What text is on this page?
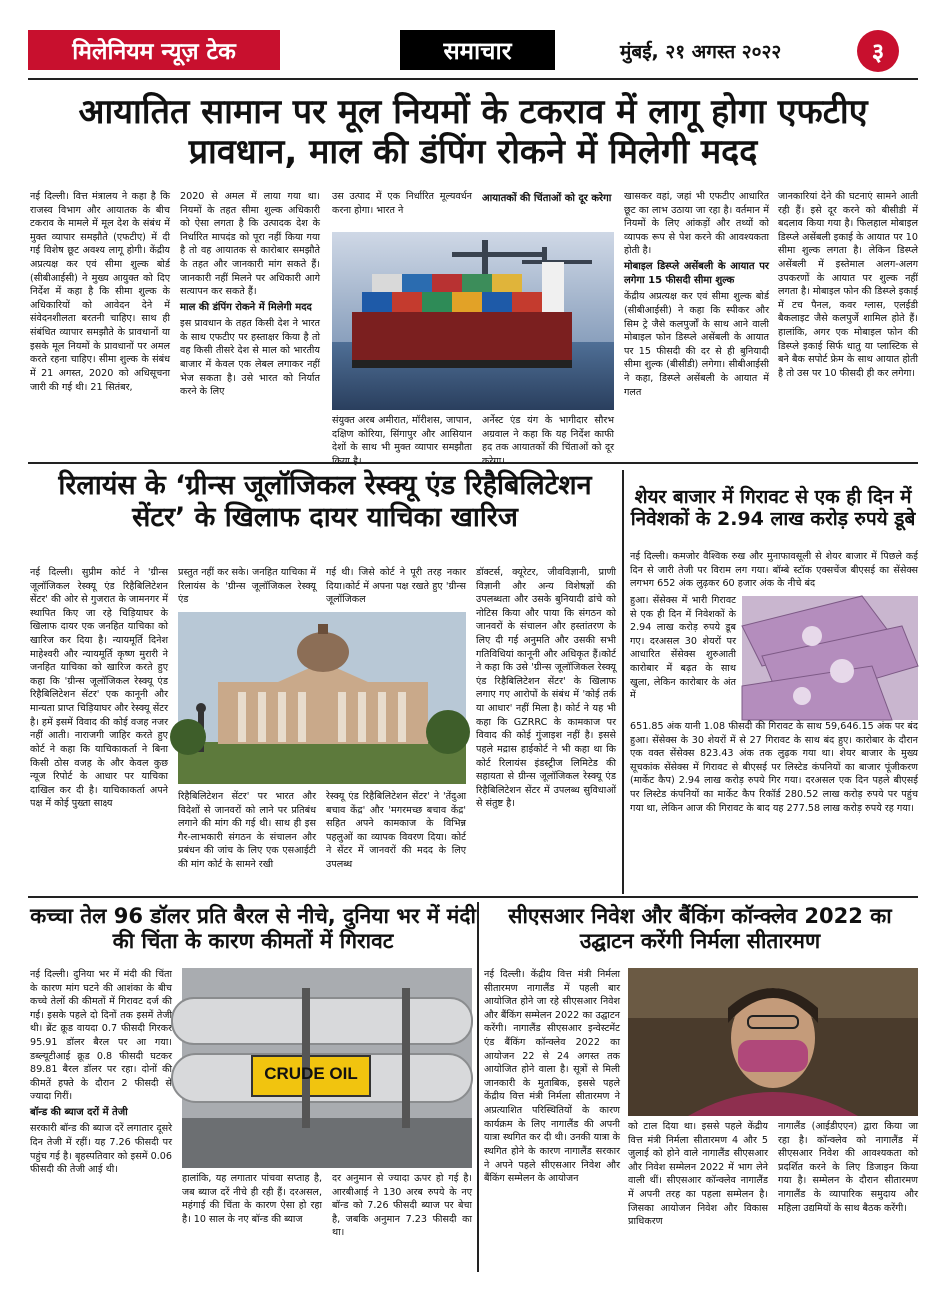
मिलेनियम न्यूज़ टेक	समाचार	मुंबई, २१ अगस्त २०२२	३
आयातित सामान पर मूल नियमों के टकराव में लागू होगा एफटीए प्रावधान, माल की डंपिंग रोकने में मिलेगी मदद
नई दिल्ली। वित्त मंत्रालय ने कहा है कि राजस्व विभाग और आयातक के बीच टकराव के मामले में मूल देश के संबंध में मुक्त व्यापार समझौते (एफटीए) में दी गई विशेष छूट अवश्य लागू होगी। केंद्रीय अप्रत्यक्ष कर एवं सीमा शुल्क बोर्ड (सीबीआईसी) ने मुख्य आयुक्त को दिए निर्देश में कहा है कि सीमा शुल्क के अधिकारियों को आवेदन देने में संवेदनशीलता बरतनी चाहिए। साथ ही संबंधित व्यापार समझौते के प्रावधानों या इसके मूल नियमों के प्रावधानों पर अमल करते रहना चाहिए। सीमा शुल्क के संबंध में 21 अगस्त, 2020 को अधिसूचना जारी की गई थी। 21 सितंबर,
2020 से अमल में लाया गया था। नियमों के तहत सीमा शुल्क अधिकारी को ऐसा लगता है कि उत्पादक देश के निर्धारित मापदंड को पूरा नहीं किया गया है तो वह आयातक से कारोबार समझौते के तहत और जानकारी मांग सकते हैं। जानकारी नहीं मिलने पर अधिकारी आगे सत्यापन कर सकते हैं।
माल की डंपिंग रोकने में मिलेगी मदद
इस प्रावधान के तहत किसी देश ने भारत के साथ एफटीए पर हस्ताक्षर किया है तो वह किसी तीसरे देश से माल को भारतीय बाजार में केवल एक लेबल लगाकर नहीं भेज सकता है। उसे भारत को निर्यात करने के लिए
उस उत्पाद में एक निर्धारित मूल्यवर्धन करना होगा। भारत ने
आयातकों की चिंताओं को दूर करेगा
संयुक्त अरब अमीरात, मॉरीशस, जापान, दक्षिण कोरिया, सिंगापुर और आसियान देशों के साथ भी मुक्त व्यापार समझौता
अर्नेस्ट एंड यंग के भागीदार सौरभ अग्रवाल ने कहा कि यह निर्देश काफी हद तक आयातकों की चिंताओं को दूर
खासकर वहां, जहां भी एफटीए आधारित छूट का लाभ उठाया जा रहा है। वर्तमान में नियमों के लिए आंकड़ों और तथ्यों को व्यापक रूप से पेश करने की आवश्यकता होती है।
मोबाइल डिस्प्ले असेंबली के आयात पर लगेगा 15 फीसदी सीमा शुल्क
केंद्रीय अप्रत्यक्ष कर एवं सीमा शुल्क बोर्ड (सीबीआईसी) ने कहा कि स्पीकर और सिम ट्रे जैसे कलपुर्जों के साथ आने वाली मोबाइल फोन डिस्प्ले असेंबली के आयात पर 15 फीसदी की दर से ही बुनियादी सीमा शुल्क (बीसीडी) लगेगा। सीबीआईसी ने कहा, डिस्प्ले असेंबली के आयात में गलत
जानकारियां देने की घटनाएं सामने आती रही हैं। इसे दूर करने को बीसीडी में बदलाव किया गया है। फिलहाल मोबाइल डिस्प्ले असेंबली इकाई के आयात पर 10 सीमा शुल्क लगता है। लेकिन डिस्प्ले असेंबली में इस्तेमाल अलग-अलग उपकरणों के आयात पर शुल्क नहीं लगता है। मोबाइल फोन की डिस्प्ले इकाई में टच पैनल, कवर ग्लास, एलईडी बैकलाइट जैसे कलपुर्जे शामिल होते हैं। हालांकि, अगर एक मोबाइल फोन की डिस्प्ले इकाई सिर्फ धातु या प्लास्टिक से बने बैक सपोर्ट फ्रेम के साथ आयात होती है तो उस पर 10 फीसदी ही कर लगेगा।
रिलायंस के ‘ग्रीन्स जूलॉजिकल रेस्क्यू एंड रिहैबिलिटेशन सेंटर’ के खिलाफ दायर याचिका खारिज
नई दिल्ली। सुप्रीम कोर्ट ने 'ग्रीन्स जूलॉजिकल रेस्क्यू एंड रिहैबिलिटेशन सेंटर' की ओर से गुजरात के जामनगर में स्थापित किए जा रहे चिड़ियाघर के खिलाफ दायर एक जनहित याचिका को खारिज कर दिया है। न्यायमूर्ति दिनेश माहेश्वरी और न्यायमूर्ति कृष्ण मुरारी ने जनहित याचिका को खारिज करते हुए कहा कि 'ग्रीन्स जूलॉजिकल रेस्क्यू एंड रिहैबिलिटेशन सेंटर' एक कानूनी और मान्यता प्राप्त चिड़ियाघर और रेस्क्यू सेंटर है। हमें इसमें विवाद की कोई वजह नजर नहीं आती। नाराजगी जाहिर करते हुए कोर्ट ने कहा कि याचिकाकर्ता ने बिना किसी ठोस वजह के और केवल कुछ न्यूज रिपोर्ट के आधार पर याचिका दाखिल कर दी है। याचिकाकर्ता अपने पक्ष में कोई पुख्ता साक्ष्य
प्रस्तुत नहीं कर सके। जनहित याचिका में रिलायंस के 'ग्रीन्स जूलॉजिकल रेस्क्यू एंड
गई थी। जिसे कोर्ट ने पूरी तरह नकार दिया।कोर्ट में अपना पक्ष रखते हुए 'ग्रीन्स जूलॉजिकल
रिहैबिलिटेशन सेंटर' पर भारत और विदेशों से जानवरों को लाने पर प्रतिबंध लगाने की मांग की गई थी। साथ ही इस गैर-लाभकारी संगठन के संचालन और प्रबंधन की जांच के लिए एक एसआईटी की मांग कोर्ट के सामने रखी
रेस्क्यू एंड रिहैबिलिटेशन सेंटर' ने 'तेंदुआ बचाव केंद्र' और 'मगरमच्छ बचाव केंद्र' सहित अपने कामकाज के विभिन्न पहलुओं का व्यापक विवरण दिया। कोर्ट ने सेंटर में जानवरों की मदद के लिए उपलब्ध
डॉक्टर्स, क्यूरेटर, जीवविज्ञानी, प्राणी विज्ञानी और अन्य विशेषज्ञों की उपलब्धता और उसके बुनियादी ढांचे को नोटिस किया और पाया कि संगठन को जानवरों के संचालन और हस्तांतरण के लिए दी गई अनुमति और उसकी सभी गतिविधियां कानूनी और अधिकृत हैं।कोर्ट ने कहा कि उसे 'ग्रीन्स जूलॉजिकल रेस्क्यू एंड रिहैबिलिटेशन सेंटर' के खिलाफ लगाए गए आरोपों के संबंध में 'कोई तर्क या आधार' नहीं मिला है। कोर्ट ने यह भी कहा कि GZRRC के कामकाज पर विवाद की कोई गुंजाइश नहीं है। इससे पहले मद्रास हाईकोर्ट ने भी कहा था कि कोर्ट रिलायंस इंडस्ट्रीज लिमिटेड की सहायता से ग्रीन्स जूलॉजिकल रेस्क्यू एंड रिहैबिलिटेशन सेंटर में उपलब्ध सुविधाओं से संतुष्ट है।
शेयर बाजार में गिरावट से एक ही दिन में निवेशकों के 2.94 लाख करोड़ रुपये डूबे
नई दिल्ली। कमजोर वैश्विक रुख और मुनाफावसूली से शेयर बाजार में पिछले कई दिन से जारी तेजी पर विराम लग गया। बॉम्बे स्टॉक एक्सचेंज बीएसई का सेंसेक्स लगभग 652 अंक लुढ़कर 60 हजार अंक के नीचे बंद
हुआ। सेंसेक्स में भारी गिरावट से एक ही दिन में निवेशकों के 2.94 लाख करोड़ रुपये डूब गए। दरअसल 30 शेयरों पर आधारित सेंसेक्स शुरुआती कारोबार में बढ़त के साथ खुला, लेकिन कारोबार के अंत में
651.85 अंक यानी 1.08 फीसदी की गिरावट के साथ 59,646.15 अंक पर बंद हुआ। सेंसेक्स के 30 शेयरों में से 27 गिरावट के साथ बंद हुए। कारोबार के दौरान एक वक्त सेंसेक्स 823.43 अंक तक लुढ़क गया था। शेयर बाजार के मुख्य सूचकांक सेंसेक्स में गिरावट से बीएसई पर लिस्टेड कंपनियों का बाजार पूंजीकरण (मार्केट कैप) 2.94 लाख करोड़ रुपये गिर गया। दरअसल एक दिन पहले बीएसई पर लिस्टेड कंपनियों का मार्केट कैप रिकॉर्ड 280.52 लाख करोड़ रुपये पर पहुंच गया था, लेकिन आज की गिरावट के बाद यह 277.58 लाख करोड़ रुपये रह गया।
कच्चा तेल 96 डॉलर प्रति बैरल से नीचे, दुनिया भर में मंदी की चिंता के कारण कीमतों में गिरावट
नई दिल्ली। दुनिया भर में मंदी की चिंता के कारण मांग घटने की आशंका के बीच कच्चे तेलों की कीमतों में गिरावट दर्ज की गई। इसके पहले दो दिनों तक इसमें तेजी थी। ब्रेंट क्रूड वायदा 0.7 फीसदी गिरकर 95.91 डॉलर बैरल पर आ गया। डब्ल्यूटीआई क्रूड 0.8 फीसदी घटकर 89.81 बैरल डॉलर पर रहा। दोनों की कीमतें हफ्ते के दौरान 2 फीसदी से ज्यादा गिरीं।
बॉन्ड की ब्याज दरों में तेजी
सरकारी बॉन्ड की ब्याज दरें लगातार दूसरे दिन तेजी में रहीं। यह 7.26 फीसदी पर पहुंच गई है। बृहस्पतिवार को इसमें 0.06 फीसदी की तेजी आई थी।
CRUDE OIL
हालांकि, यह लगातार पांचवा सप्ताह है, जब ब्याज दरें नीचे ही रही हैं। दरअसल, महंगाई की चिंता के कारण ऐसा हो रहा है। 10 साल के नए बॉन्ड की ब्याज
दर अनुमान से ज्यादा ऊपर हो गई है। आरबीआई ने 130 अरब रुपये के नए बॉन्ड को 7.26 फीसदी ब्याज पर बेचा है, जबकि अनुमान 7.23 फीसदी का था।
सीएसआर निवेश और बैंकिंग कॉन्क्लेव 2022 का उद्घाटन करेंगी निर्मला सीतारमण
नई दिल्ली। केंद्रीय वित्त मंत्री निर्मला सीतारमण नागालैंड में पहली बार आयोजित होने जा रहे सीएसआर निवेश और बैंकिंग सम्मेलन 2022 का उद्घाटन करेंगी। नागालैंड सीएसआर इन्वेस्टमेंट एंड बैंकिंग कॉन्क्लेव 2022 का आयोजन 22 से 24 अगस्त तक आयोजित होने वाला है। सूत्रों से मिली जानकारी के मुताबिक, इससे पहले केंद्रीय वित्त मंत्री निर्मला सीतारमण ने अप्रत्याशित परिस्थितियों के कारण कार्यक्रम के लिए नागालैंड की अपनी यात्रा स्थगित कर दी थी। उनकी यात्रा के स्थगित होने के कारण नागालैंड सरकार ने अपने पहले सीएसआर निवेश और बैंकिंग सम्मेलन के आयोजन
को टाल दिया था। इससे पहले केंद्रीय वित्त मंत्री निर्मला सीतारमण 4 और 5 जुलाई को होने वाले नागालैंड सीएसआर और निवेश सम्मेलन 2022 में भाग लेने वाली थीं। सीएसआर कॉन्क्लेव नागालैंड में अपनी तरह का पहला सम्मेलन है। जिसका आयोजन निवेश और विकास प्राधिकरण
नागालैंड (आईडीएएन) द्वारा किया जा रहा है। कॉन्क्लेव को नागालैंड में सीएसआर निवेश की आवश्यकता को प्रदर्शित करने के लिए डिजाइन किया गया है। सम्मेलन के दौरान सीतारमण नागालैंड के व्यापारिक समुदाय और महिला उद्यमियों के साथ बैठक करेंगी।
